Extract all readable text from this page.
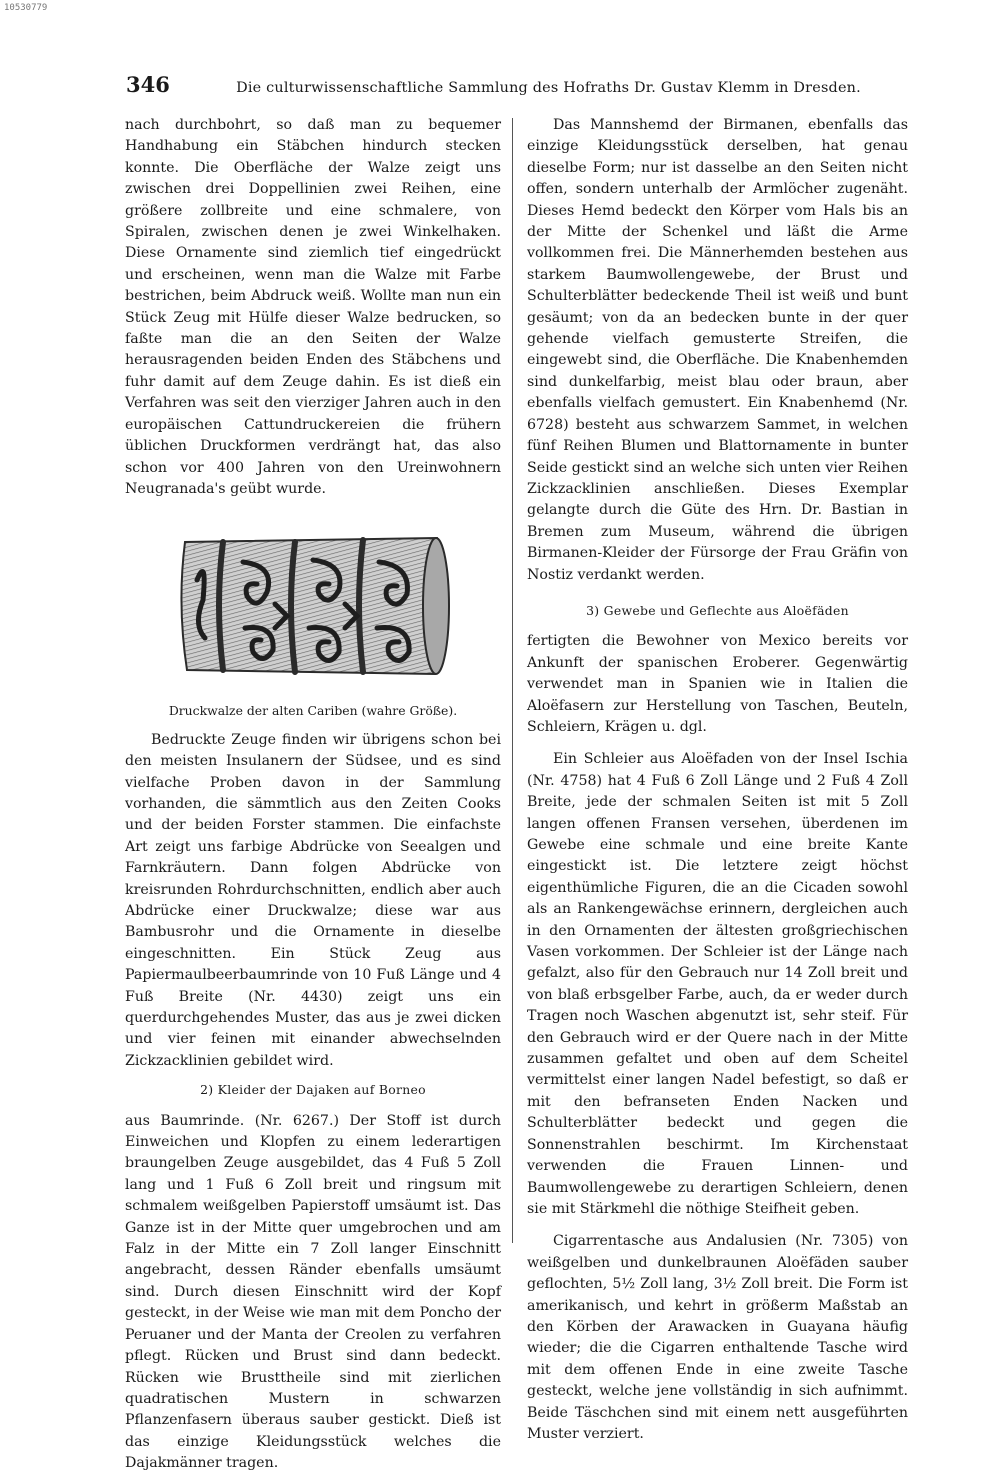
10530779
346	Die culturwissenschaftliche Sammlung des Hofraths Dr. Gustav Klemm in Dresden.

nach durchbohrt, so daß man zu bequemer Handhabung ein Stäbchen hindurch stecken konnte. Die Oberfläche der Walze zeigt uns zwischen drei Doppellinien zwei Reihen, eine größere zollbreite und eine schmalere, von Spiralen, zwischen denen je zwei Winkelhaken. Diese Ornamente sind ziemlich tief eingedrückt und erscheinen, wenn man die Walze mit Farbe bestrichen, beim Abdruck weiß. Wollte man nun ein Stück Zeug mit Hülfe dieser Walze bedrucken, so faßte man die an den Seiten der Walze herausragenden beiden Enden des Stäbchens und fuhr damit auf dem Zeuge dahin. Es ist dieß ein Verfahren was seit den vierziger Jahren auch in den europäischen Cattundruckereien die frühern üblichen Druckformen verdrängt hat, das also schon vor 400 Jahren von den Ureinwohnern Neugranada's geübt wurde.

Druckwalze der alten Cariben (wahre Größe).

Bedruckte Zeuge finden wir übrigens schon bei den meisten Insulanern der Südsee, und es sind vielfache Proben davon in der Sammlung vorhanden, die sämmtlich aus den Zeiten Cooks und der beiden Forster stammen. Die einfachste Art zeigt uns farbige Abdrücke von Seealgen und Farnkräutern. Dann folgen Abdrücke von kreisrunden Rohrdurchschnitten, endlich aber auch Abdrücke einer Druckwalze; diese war aus Bambusrohr und die Ornamente in dieselbe eingeschnitten. Ein Stück Zeug aus Papiermaulbeerbaumrinde von 10 Fuß Länge und 4 Fuß Breite (Nr. 4430) zeigt uns ein querdurchgehendes Muster, das aus je zwei dicken und vier feinen mit einander abwechselnden Zickzacklinien gebildet wird.

2) Kleider der Dajaken auf Borneo

aus Baumrinde. (Nr. 6267.) Der Stoff ist durch Einweichen und Klopfen zu einem lederartigen braungelben Zeuge ausgebildet, das 4 Fuß 5 Zoll lang und 1 Fuß 6 Zoll breit und ringsum mit schmalem weißgelben Papierstoff umsäumt ist. Das Ganze ist in der Mitte quer umgebrochen und am Falz in der Mitte ein 7 Zoll langer Einschnitt angebracht, dessen Ränder ebenfalls umsäumt sind. Durch diesen Einschnitt wird der Kopf gesteckt, in der Weise wie man mit dem Poncho der Peruaner und der Manta der Creolen zu verfahren pflegt. Rücken und Brust sind dann bedeckt. Rücken wie Brusttheile sind mit zierlichen quadratischen Mustern in schwarzen Pflanzenfasern überaus sauber gestickt. Dieß ist das einzige Kleidungsstück welches die Dajakmänner tragen.

Das Mannshemd der Birmanen, ebenfalls das einzige Kleidungsstück derselben, hat genau dieselbe Form; nur ist dasselbe an den Seiten nicht offen, sondern unterhalb der Armlöcher zugenäht. Dieses Hemd bedeckt den Körper vom Hals bis an der Mitte der Schenkel und läßt die Arme vollkommen frei. Die Männerhemden bestehen aus starkem Baumwollengewebe, der Brust und Schulterblätter bedeckende Theil ist weiß und bunt gesäumt; von da an bedecken bunte in der quer gehende vielfach gemusterte Streifen, die eingewebt sind, die Oberfläche. Die Knabenhemden sind dunkelfarbig, meist blau oder braun, aber ebenfalls vielfach gemustert. Ein Knabenhemd (Nr. 6728) besteht aus schwarzem Sammet, in welchen fünf Reihen Blumen und Blattornamente in bunter Seide gestickt sind an welche sich unten vier Reihen Zickzacklinien anschließen. Dieses Exemplar gelangte durch die Güte des Hrn. Dr. Bastian in Bremen zum Museum, während die übrigen Birmanen-Kleider der Fürsorge der Frau Gräfin von Nostiz verdankt werden.

3) Gewebe und Geflechte aus Aloëfäden

fertigten die Bewohner von Mexico bereits vor Ankunft der spanischen Eroberer. Gegenwärtig verwendet man in Spanien wie in Italien die Aloëfasern zur Herstellung von Taschen, Beuteln, Schleiern, Krägen u. dgl.

Ein Schleier aus Aloëfaden von der Insel Ischia (Nr. 4758) hat 4 Fuß 6 Zoll Länge und 2 Fuß 4 Zoll Breite, jede der schmalen Seiten ist mit 5 Zoll langen offenen Fransen versehen, überdenen im Gewebe eine schmale und eine breite Kante eingestickt ist. Die letztere zeigt höchst eigenthümliche Figuren, die an die Cicaden sowohl als an Rankengewächse erinnern, dergleichen auch in den Ornamenten der ältesten großgriechischen Vasen vorkommen. Der Schleier ist der Länge nach gefalzt, also für den Gebrauch nur 14 Zoll breit und von blaß erbsgelber Farbe, auch, da er weder durch Tragen noch Waschen abgenutzt ist, sehr steif. Für den Gebrauch wird er der Quere nach in der Mitte zusammen gefaltet und oben auf dem Scheitel vermittelst einer langen Nadel befestigt, so daß er mit den befranseten Enden Nacken und Schulterblätter bedeckt und gegen die Sonnenstrahlen beschirmt. Im Kirchenstaat verwenden die Frauen Linnen- und Baumwollengewebe zu derartigen Schleiern, denen sie mit Stärkmehl die nöthige Steifheit geben.

Cigarrentasche aus Andalusien (Nr. 7305) von weißgelben und dunkelbraunen Aloëfäden sauber geflochten, 5½ Zoll lang, 3½ Zoll breit. Die Form ist amerikanisch, und kehrt in größerm Maßstab an den Körben der Arawacken in Guayana häufig wieder; die die Cigarren enthaltende Tasche wird mit dem offenen Ende in eine zweite Tasche gesteckt, welche jene vollständig in sich aufnimmt. Beide Täschchen sind mit einem nett ausgeführten Muster verziert.
